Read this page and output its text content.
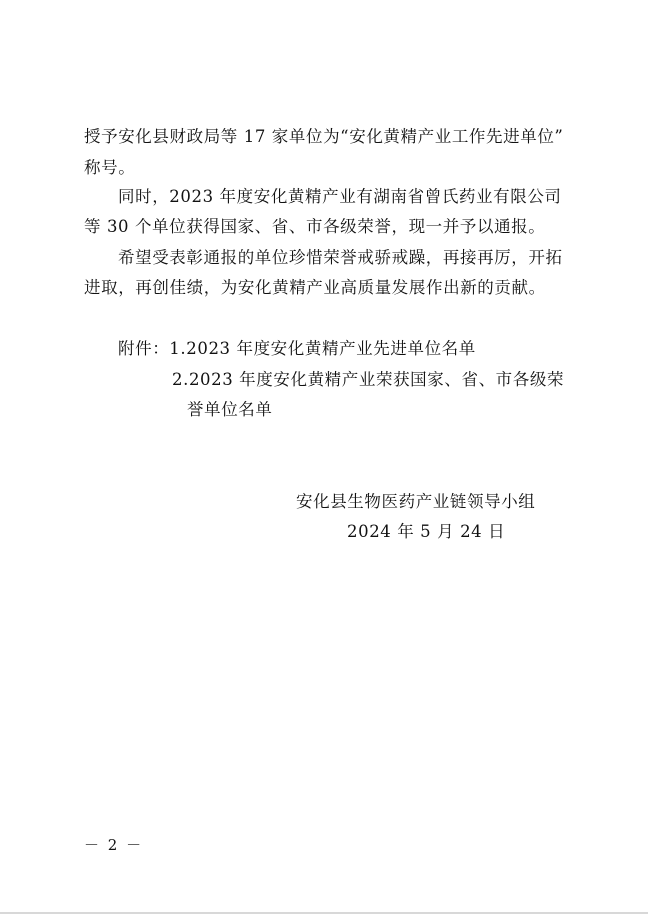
授予安化县财政局等 17 家单位为“安化黄精产业工作先进单位”
称号。
同时，2023 年度安化黄精产业有湖南省曾氏药业有限公司
等 30 个单位获得国家、省、市各级荣誉，现一并予以通报。
希望受表彰通报的单位珍惜荣誉戒骄戒躁，再接再厉，开拓
进取，再创佳绩，为安化黄精产业高质量发展作出新的贡献。
附件：1.2023 年度安化黄精产业先进单位名单
2.2023 年度安化黄精产业荣获国家、省、市各级荣
誉单位名单
安化县生物医药产业链领导小组
2024 年 5 月 24 日
－ 2 －
